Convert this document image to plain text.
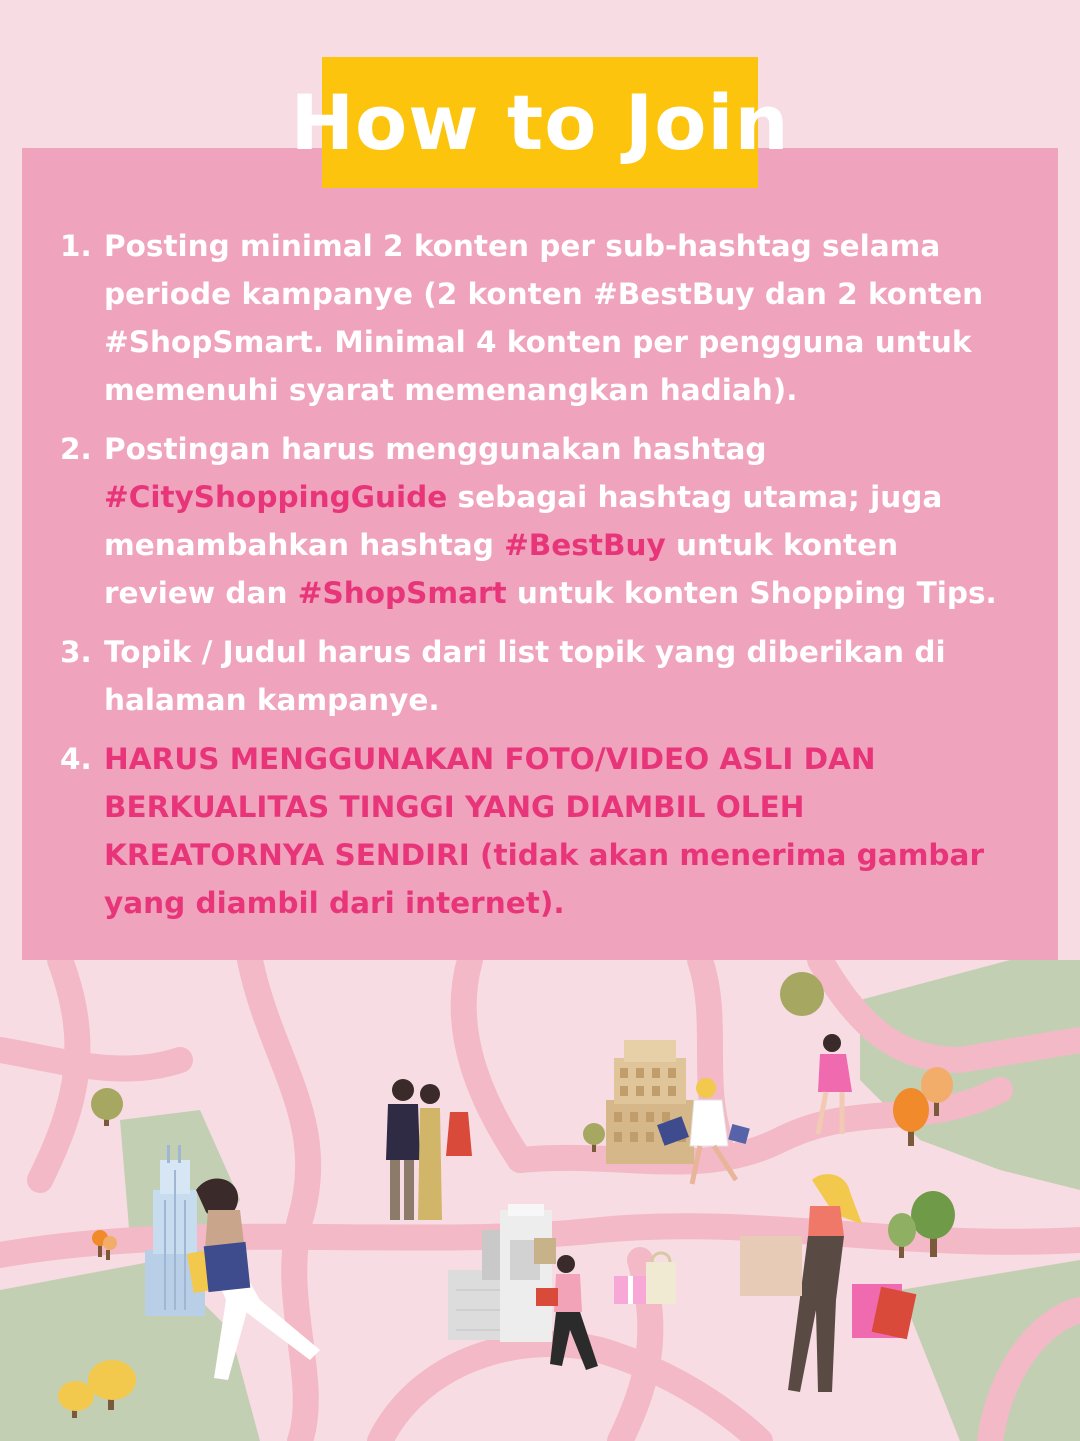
How to Join
1. Posting minimal 2 konten per sub-hashtag selama periode kampanye (2 konten #BestBuy dan 2 konten #ShopSmart. Minimal 4 konten per pengguna untuk memenuhi syarat memenangkan hadiah).
2. Postingan harus menggunakan hashtag #CityShoppingGuide sebagai hashtag utama; juga menambahkan hashtag #BestBuy untuk konten review dan #ShopSmart untuk konten Shopping Tips.
3. Topik / Judul harus dari list topik yang diberikan di halaman kampanye.
4. HARUS MENGGUNAKAN FOTO/VIDEO ASLI DAN BERKUALITAS TINGGI YANG DIAMBIL OLEH KREATORNYA SENDIRI (tidak akan menerima gambar yang diambil dari internet).
